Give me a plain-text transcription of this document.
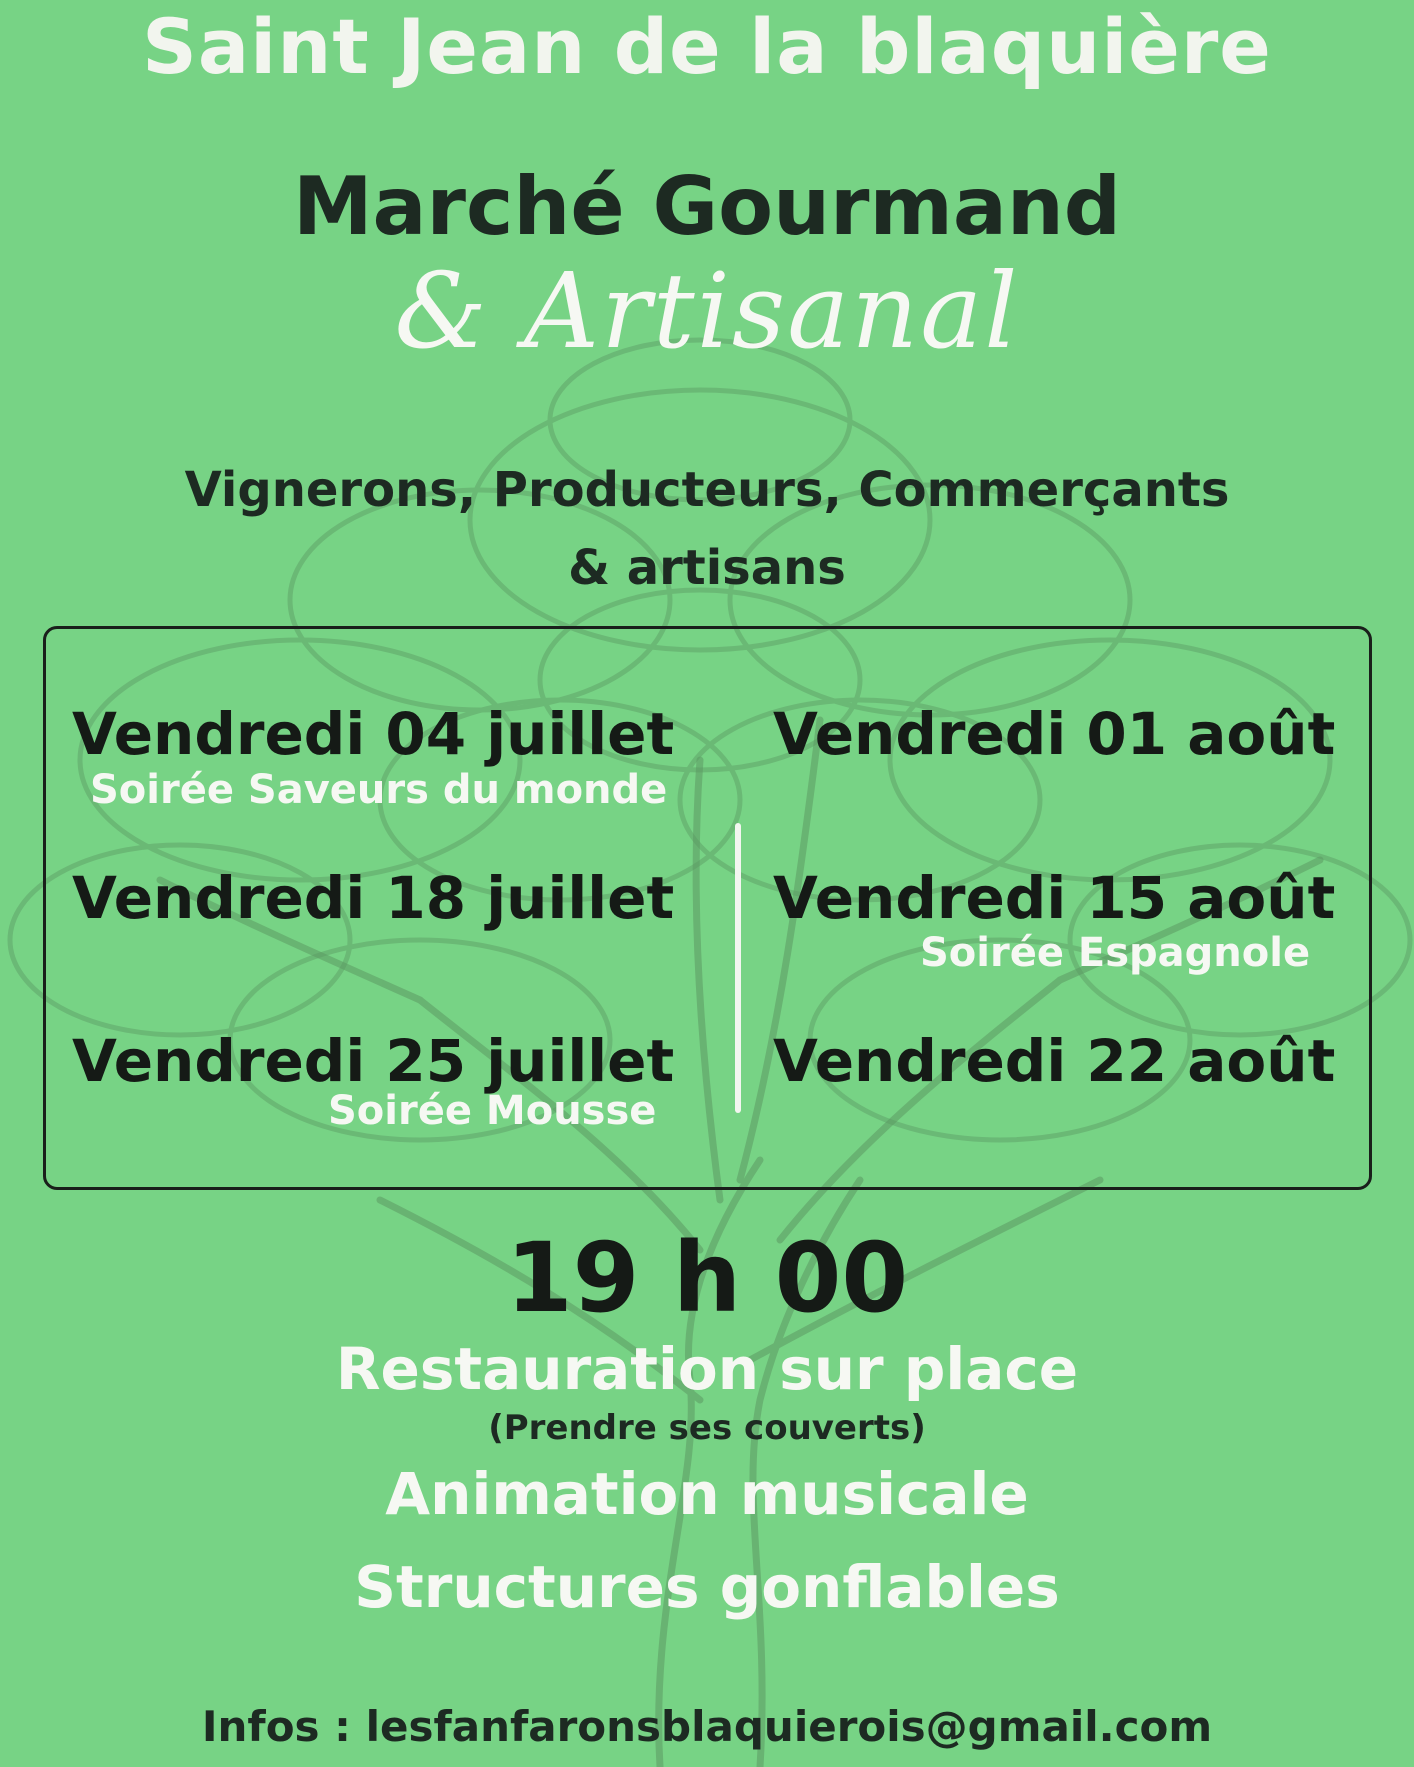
Saint Jean de la blaquière
Marché Gourmand
& Artisanal
Vignerons, Producteurs, Commerçants
& artisans
Vendredi 04 juillet
Soirée Saveurs du monde
Vendredi 18 juillet
Vendredi 25 juillet
Soirée Mousse
Vendredi 01 août
Vendredi 15 août
Soirée Espagnole
Vendredi 22 août
19 h 00
Restauration sur place
(Prendre ses couverts)
Animation musicale
Structures gonflables
Infos : lesfanfaronsblaquierois@gmail.com
